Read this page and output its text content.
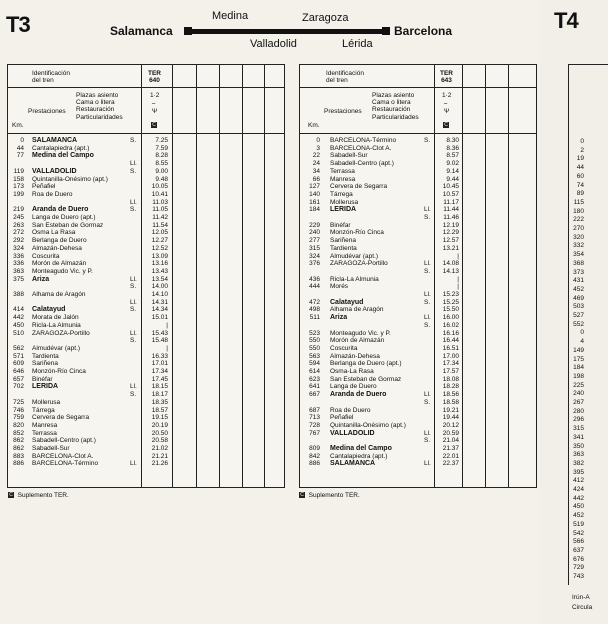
T3	Salamanca	Barcelona
Medina	Zaragoza
Valladolid	Lérida
Identificación
del tren
TER
640
Prestaciones
Plazas asiento
Cama o litera
Restauración
Particularidades
1·2
⎯
Ψ
C
Km.
0 SALAMANCA	S.	7.25
44 Cantalapiedra (apt.)	7.59
77 Medina del Campo	8.28
Ll.	8.55
119 VALLADOLID	S.	9.00
158 Quintanilla-Onésimo (apt.)	9.48
173 Peñafiel	10.05
199 Roa de Duero	10.41
Ll.	11.03
219 Aranda de Duero	S.	11.05
245 Langa de Duero (apt.)	11.42
263 San Esteban de Gormaz	11.54
272 Osma La Rasa	12.05
292 Berlanga de Duero	12.27
324 Almazán-Dehesa	12.52
336 Coscurita	13.09
336 Morón de Almazán	13.16
363 Monteagudo Vic. y P.	13.43
375 Ariza	Ll.	13.54
S.	14.00
388 Alhama de Aragón	14.10
Ll.	14.31
414 Calatayud	S.	14.34
442 Morata de Jalón	15.01
450 Ricla-La Almunia	|
510 ZARAGOZA-Portillo	Ll.	15.43
S.	15.48
562 Almudévar (apt.)	|
571 Tardienta	16.33
609 Sariñena	17.01
646 Monzón-Río Cinca	17.34
657 Binéfar	17.45
702 LERIDA	Ll.	18.15
S.	18.17
725 Mollerusa	18.35
746 Tárrega	18.57
759 Cervera de Segarra	19.15
820 Manresa	20.19
852 Terrassa	20.50
862 Sabadell-Centro (apt.)	20.58
862 Sabadell-Sur	21.02
883 BARCELONA-Clot A.	21.21
886 BARCELONA-Término	Ll.	21.26
C Suplemento TER.
Identificación
del tren
TER
643
Prestaciones
Plazas asiento
Cama o litera
Restauración
Particularidades
1·2
⎯
Ψ
C
Km.
0 BARCELONA-Término	S.	8.30
3 BARCELONA-Clot A.	8.36
22 Sabadell-Sur	8.57
24 Sabadell-Centro (apt.)	9.02
34 Terrassa	9.14
66 Manresa	9.44
127 Cervera de Segarra	10.45
140 Tárrega	10.57
161 Mollerusa	11.17
184 LERIDA	Ll.	11.44
S.	11.46
229 Binéfar	12.19
240 Monzón-Río Cinca	12.29
277 Sariñena	12.57
315 Tardienta	13.21
324 Almudévar (apt.)	|
376 ZARAGOZA-Portillo	Ll.	14.08
S.	14.13
436 Ricla-La Almunia	|
444 Morés	|
Ll.	15.23
472 Calatayud	S.	15.25
498 Alhama de Aragón	15.50
511 Ariza	Ll.	16.00
S.	16.02
523 Monteagudo Vic. y P.	16.16
550 Morón de Almazán	16.44
550 Coscurita	16.51
563 Almazán-Dehesa	17.00
594 Berlanga de Duero (apt.)	17.34
614 Osma-La Rasa	17.57
623 San Esteban de Gormaz	18.08
641 Langa de Duero	18.28
667 Aranda de Duero	Ll.	18.56
S.	18.58
687 Roa de Duero	19.21
713 Peñafiel	19.44
728 Quintanilla-Onésimo (apt.)	20.12
767 VALLADOLID	Ll.	20.59
S.	21.04
809 Medina del Campo	21.37
842 Cantalapiedra (apt.)	22.01
886 SALAMANCA	Ll.	22.37
C Suplemento TER.
T4
0
2
19
44
60
74
89
115
180
222
270
320
332
354
368
373
431
452
469
503
527
552
0
4
149
175
184
198
225
240
267
280
296
315
341
350
363
382
395
412
424
442
450
452
519
542
566
637
676
729
743
Irún-A
Circula
